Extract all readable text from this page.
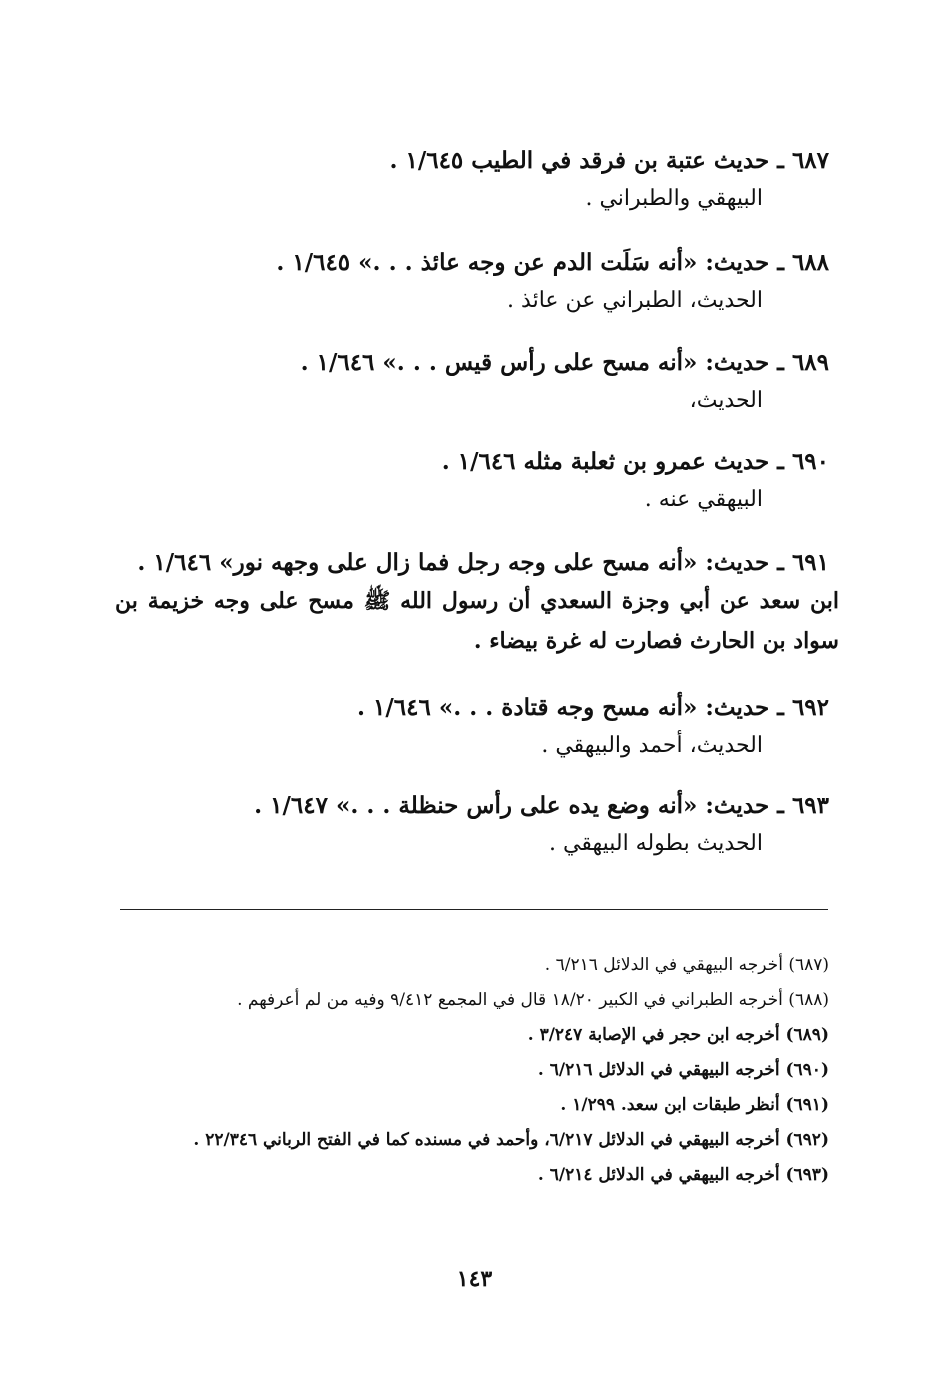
٦٨٧ ـ حديث عتبة بن فرقد في الطيب ١/٦٤٥ .
البيهقي والطبراني .
٦٨٨ ـ حديث: «أنه سَلَت الدم عن وجه عائذ . . .» ١/٦٤٥ .
الحديث، الطبراني عن عائذ .
٦٨٩ ـ حديث: «أنه مسح على رأس قيس . . .» ١/٦٤٦ .
الحديث،
٦٩٠ ـ حديث عمرو بن ثعلبة مثله ١/٦٤٦ .
البيهقي عنه .
٦٩١ ـ حديث: «أنه مسح على وجه رجل فما زال على وجهه نور» ١/٦٤٦ .
ابن سعد عن أبي وجزة السعدي أن رسول الله ﷺ مسح على وجه خزيمة بن سواد بن الحارث فصارت له غرة بيضاء .
٦٩٢ ـ حديث: «أنه مسح وجه قتادة . . .» ١/٦٤٦ .
الحديث، أحمد والبيهقي .
٦٩٣ ـ حديث: «أنه وضع يده على رأس حنظلة . . .» ١/٦٤٧ .
الحديث بطوله البيهقي .
(٦٨٧) أخرجه البيهقي في الدلائل ٦/٢١٦ .
(٦٨٨) أخرجه الطبراني في الكبير ١٨/٢٠ قال في المجمع ٩/٤١٢ وفيه من لم أعرفهم .
(٦٨٩) أخرجه ابن حجر في الإصابة ٣/٢٤٧ .
(٦٩٠) أخرجه البيهقي في الدلائل ٦/٢١٦ .
(٦٩١) أنظر طبقات ابن سعد. ١/٢٩٩ .
(٦٩٢) أخرجه البيهقي في الدلائل ٦/٢١٧، وأحمد في مسنده كما في الفتح الرباني ٢٢/٣٤٦ .
(٦٩٣) أخرجه البيهقي في الدلائل ٦/٢١٤ .
١٤٣
